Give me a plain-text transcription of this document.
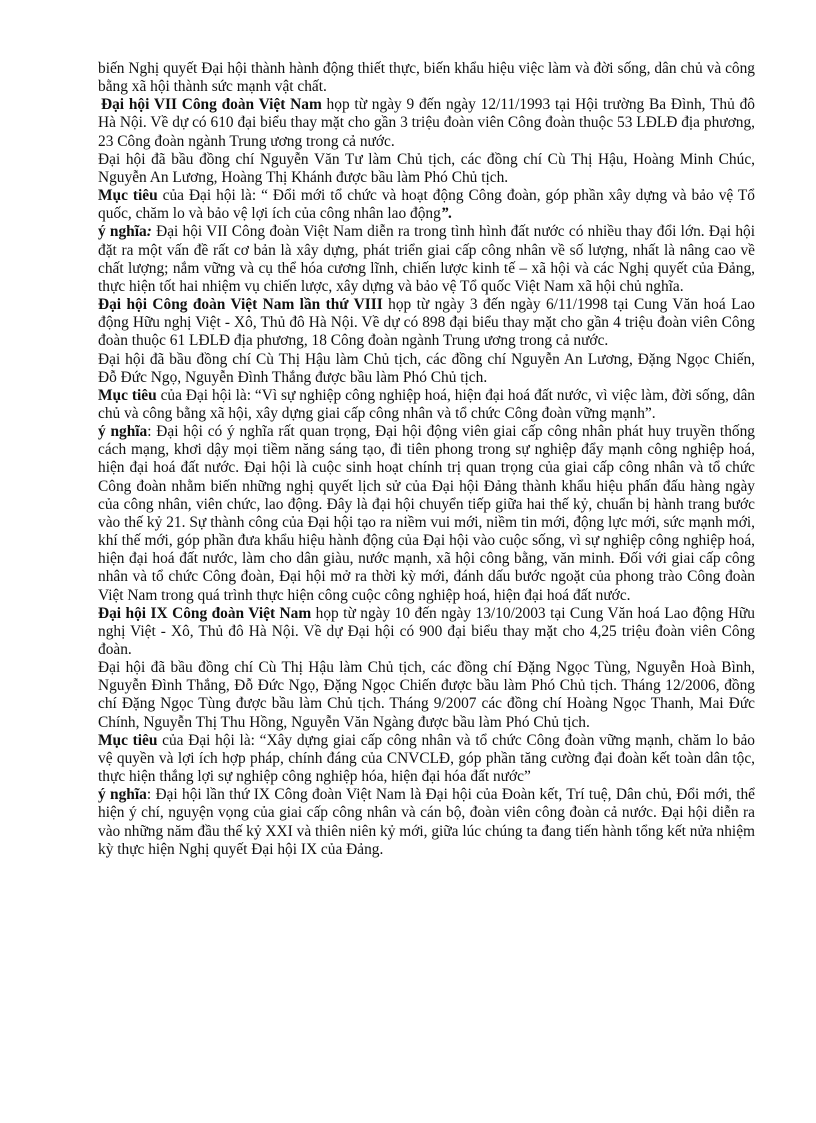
biến Nghị quyết Đại hội thành hành động thiết thực, biến khẩu hiệu việc làm và đời sống, dân chủ và công bằng xã hội thành sức mạnh vật chất.

Đại hội VII Công đoàn Việt Nam họp từ ngày 9 đến ngày 12/11/1993 tại Hội trường Ba Đình, Thủ đô Hà Nội. Về dự có 610 đại biểu thay mặt cho gần 3 triệu đoàn viên Công đoàn thuộc 53 LĐLĐ địa phương, 23 Công đoàn ngành Trung ương trong cả nước.

Đại hội đã bầu đồng chí Nguyễn Văn Tư làm Chủ tịch, các đồng chí Cù Thị Hậu, Hoàng Minh Chúc, Nguyễn An Lương, Hoàng Thị Khánh được bầu làm Phó Chủ tịch.

Mục tiêu của Đại hội là: “ Đổi mới tổ chức và hoạt động Công đoàn, góp phần xây dựng và bảo vệ Tổ quốc, chăm lo và bảo vệ lợi ích của công nhân lao động”.

ý nghĩa: Đại hội VII Công đoàn Việt Nam diễn ra trong tình hình đất nước có nhiều thay đổi lớn. Đại hội đặt ra một vấn đề rất cơ bản là xây dựng, phát triển giai cấp công nhân về số lượng, nhất là nâng cao về chất lượng; nắm vững và cụ thể hóa cương lĩnh, chiến lược kinh tế – xã hội và các Nghị quyết của Đảng, thực hiện tốt hai nhiệm vụ chiến lược, xây dựng và bảo vệ Tổ quốc Việt Nam xã hội chủ nghĩa.

Đại hội Công đoàn Việt Nam lần thứ VIII họp từ ngày 3 đến ngày 6/11/1998 tại Cung Văn hoá Lao động Hữu nghị Việt - Xô, Thủ đô Hà Nội. Về dự có 898 đại biểu thay mặt cho gần 4 triệu đoàn viên Công đoàn thuộc 61 LĐLĐ địa phương, 18 Công đoàn ngành Trung ương trong cả nước.

Đại hội đã bầu đồng chí Cù Thị Hậu làm Chủ tịch, các đồng chí Nguyễn An Lương, Đặng Ngọc Chiến, Đỗ Đức Ngọ, Nguyễn Đình Thắng được bầu làm Phó Chủ tịch.

Mục tiêu của Đại hội là: “Vì sự nghiệp công nghiệp hoá, hiện đại hoá đất nước, vì việc làm, đời sống, dân chủ và công bằng xã hội, xây dựng giai cấp công nhân và tổ chức Công đoàn vững mạnh”.

ý nghĩa: Đại hội có ý nghĩa rất quan trọng, Đại hội động viên giai cấp công nhân phát huy truyền thống cách mạng, khơi dậy mọi tiềm năng sáng tạo, đi tiên phong trong sự nghiệp đẩy mạnh công nghiệp hoá, hiện đại hoá đất nước. Đại hội là cuộc sinh hoạt chính trị quan trọng của giai cấp công nhân và tổ chức Công đoàn nhằm biến những nghị quyết lịch sử của Đại hội Đảng thành khẩu hiệu phấn đấu hàng ngày của công nhân, viên chức, lao động. Đây là đại hội chuyển tiếp giữa hai thế kỷ, chuẩn bị hành trang bước vào thế kỷ 21. Sự thành công của Đại hội tạo ra niềm vui mới, niềm tin mới, động lực mới, sức mạnh mới, khí thế mới, góp phần đưa khẩu hiệu hành động của Đại hội vào cuộc sống, vì sự nghiệp công nghiệp hoá, hiện đại hoá đất nước, làm cho dân giàu, nước mạnh, xã hội công bằng, văn minh. Đối với giai cấp công nhân và tổ chức Công đoàn, Đại hội mở ra thời kỳ mới, đánh dấu bước ngoặt của phong trào Công đoàn Việt Nam trong quá trình thực hiện công cuộc công nghiệp hoá, hiện đại hoá đất nước.

Đại hội IX Công đoàn Việt Nam họp từ ngày 10 đến ngày 13/10/2003 tại Cung Văn hoá Lao động Hữu nghị Việt - Xô, Thủ đô Hà Nội. Về dự Đại hội có 900 đại biểu thay mặt cho 4,25 triệu đoàn viên Công đoàn.

Đại hội đã bầu đồng chí Cù Thị Hậu làm Chủ tịch, các đồng chí Đặng Ngọc Tùng, Nguyễn Hoà Bình, Nguyễn Đình Thắng, Đỗ Đức Ngọ, Đặng Ngọc Chiến được bầu làm Phó Chủ tịch. Tháng 12/2006, đồng chí Đặng Ngọc Tùng được bầu làm Chủ tịch. Tháng 9/2007 các đồng chí Hoàng Ngọc Thanh, Mai Đức Chính, Nguyễn Thị Thu Hồng, Nguyễn Văn Ngàng được bầu làm Phó Chủ tịch.

Mục tiêu của Đại hội là: “Xây dựng giai cấp công nhân và tổ chức Công đoàn vững mạnh, chăm lo bảo vệ quyền và lợi ích hợp pháp, chính đáng của CNVCLĐ, góp phần tăng cường đại đoàn kết toàn dân tộc, thực hiện thắng lợi sự nghiệp công nghiệp hóa, hiện đại hóa đất nước”

ý nghĩa: Đại hội lần thứ IX Công đoàn Việt Nam là Đại hội của Đoàn kết, Trí tuệ, Dân chủ, Đổi mới, thể hiện ý chí, nguyện vọng của giai cấp công nhân và cán bộ, đoàn viên công đoàn cả nước. Đại hội diễn ra vào những năm đầu thế kỷ XXI và thiên niên kỷ mới, giữa lúc chúng ta đang tiến hành tổng kết nửa nhiệm kỳ thực hiện Nghị quyết Đại hội IX của Đảng.
